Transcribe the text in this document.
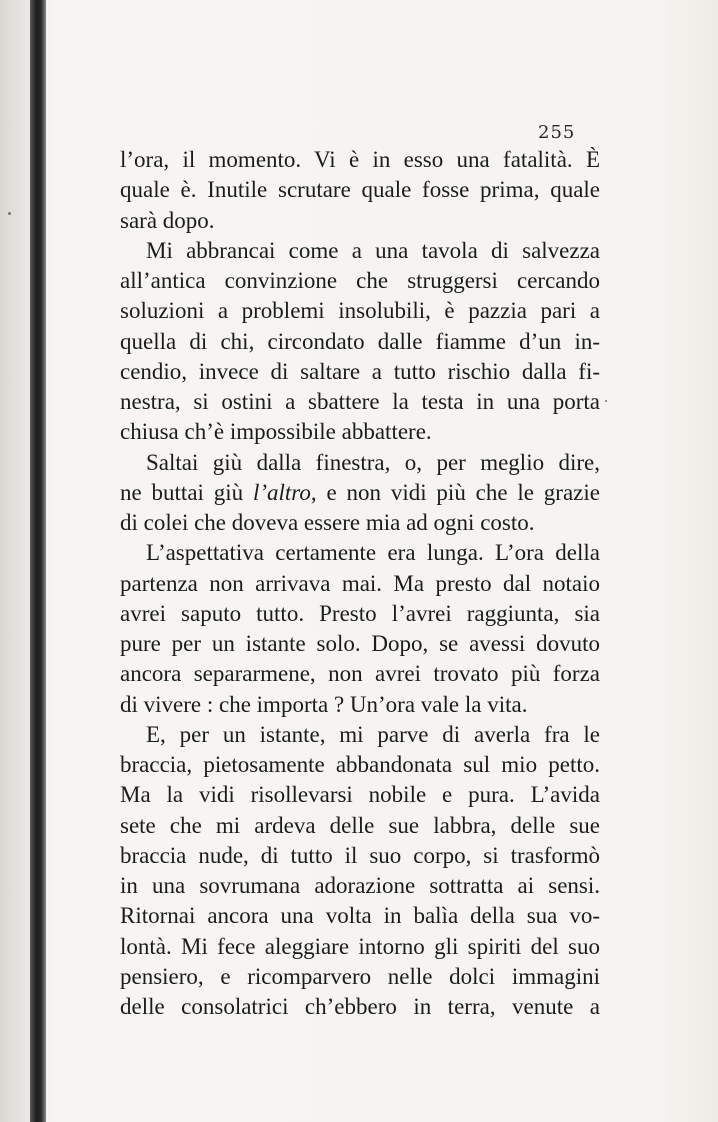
255
l’ora, il momento. Vi è in esso una fatalità. È
quale è. Inutile scrutare quale fosse prima, quale
sarà dopo.
Mi abbrancai come a una tavola di salvezza
all’antica convinzione che struggersi cercando
soluzioni a problemi insolubili, è pazzia pari a
quella di chi, circondato dalle fiamme d’un in-
cendio, invece di saltare a tutto rischio dalla fi-
nestra, si ostini a sbattere la testa in una porta
chiusa ch’è impossibile abbattere.
Saltai giù dalla finestra, o, per meglio dire,
ne buttai giù l’altro, e non vidi più che le grazie
di colei che doveva essere mia ad ogni costo.
L’aspettativa certamente era lunga. L’ora della
partenza non arrivava mai. Ma presto dal notaio
avrei saputo tutto. Presto l’avrei raggiunta, sia
pure per un istante solo. Dopo, se avessi dovuto
ancora separarmene, non avrei trovato più forza
di vivere : che importa ? Un’ora vale la vita.
E, per un istante, mi parve di averla fra le
braccia, pietosamente abbandonata sul mio petto.
Ma la vidi risollevarsi nobile e pura. L’avida
sete che mi ardeva delle sue labbra, delle sue
braccia nude, di tutto il suo corpo, si trasformò
in una sovrumana adorazione sottratta ai sensi.
Ritornai ancora una volta in balìa della sua vo-
lontà. Mi fece aleggiare intorno gli spiriti del suo
pensiero, e ricomparvero nelle dolci immagini
delle consolatrici ch’ebbero in terra, venute a
